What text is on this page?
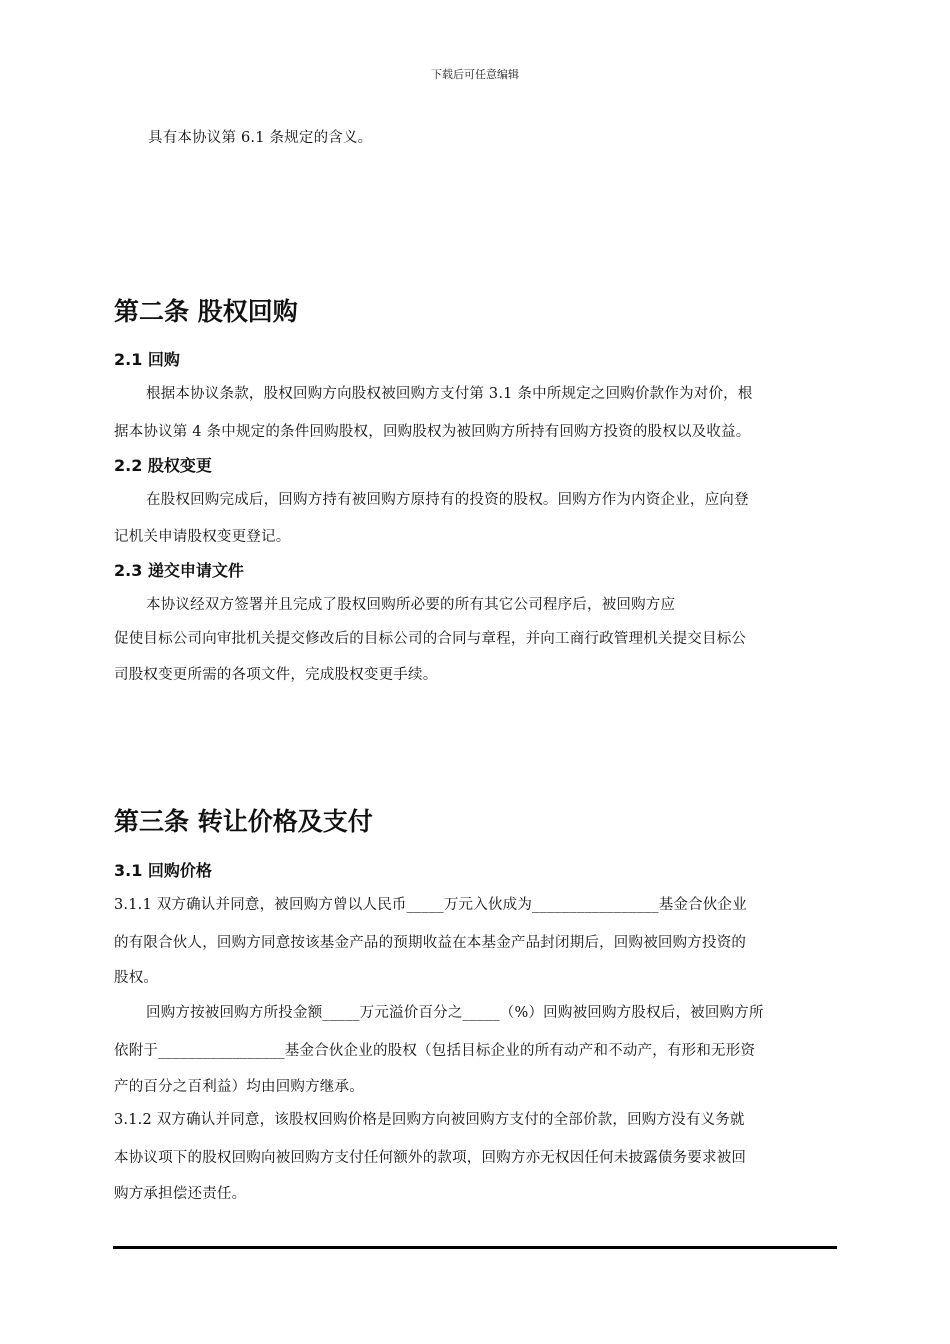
下载后可任意编辑
具有本协议第 6.1 条规定的含义。
第二条 股权回购
2.1 回购
根据本协议条款，股权回购方向股权被回购方支付第 3.1 条中所规定之回购价款作为对价，根
据本协议第 4 条中规定的条件回购股权，回购股权为被回购方所持有回购方投资的股权以及收益。
2.2 股权变更
在股权回购完成后，回购方持有被回购方原持有的投资的股权。回购方作为内资企业，应向登
记机关申请股权变更登记。
2.3 递交申请文件
本协议经双方签署并且完成了股权回购所必要的所有其它公司程序后，被回购方应
促使目标公司向审批机关提交修改后的目标公司的合同与章程，并向工商行政管理机关提交目标公
司股权变更所需的各项文件，完成股权变更手续。
第三条 转让价格及支付
3.1 回购价格
3.1.1 双方确认并同意，被回购方曾以人民币_____万元入伙成为_________________基金合伙企业
的有限合伙人，回购方同意按该基金产品的预期收益在本基金产品封闭期后，回购被回购方投资的
股权。
回购方按被回购方所投金额_____万元溢价百分之_____（%）回购被回购方股权后，被回购方所
依附于_________________基金合伙企业的股权（包括目标企业的所有动产和不动产，有形和无形资
产的百分之百利益）均由回购方继承。
3.1.2 双方确认并同意，该股权回购价格是回购方向被回购方支付的全部价款，回购方没有义务就
本协议项下的股权回购向被回购方支付任何额外的款项，回购方亦无权因任何未披露债务要求被回
购方承担偿还责任。
